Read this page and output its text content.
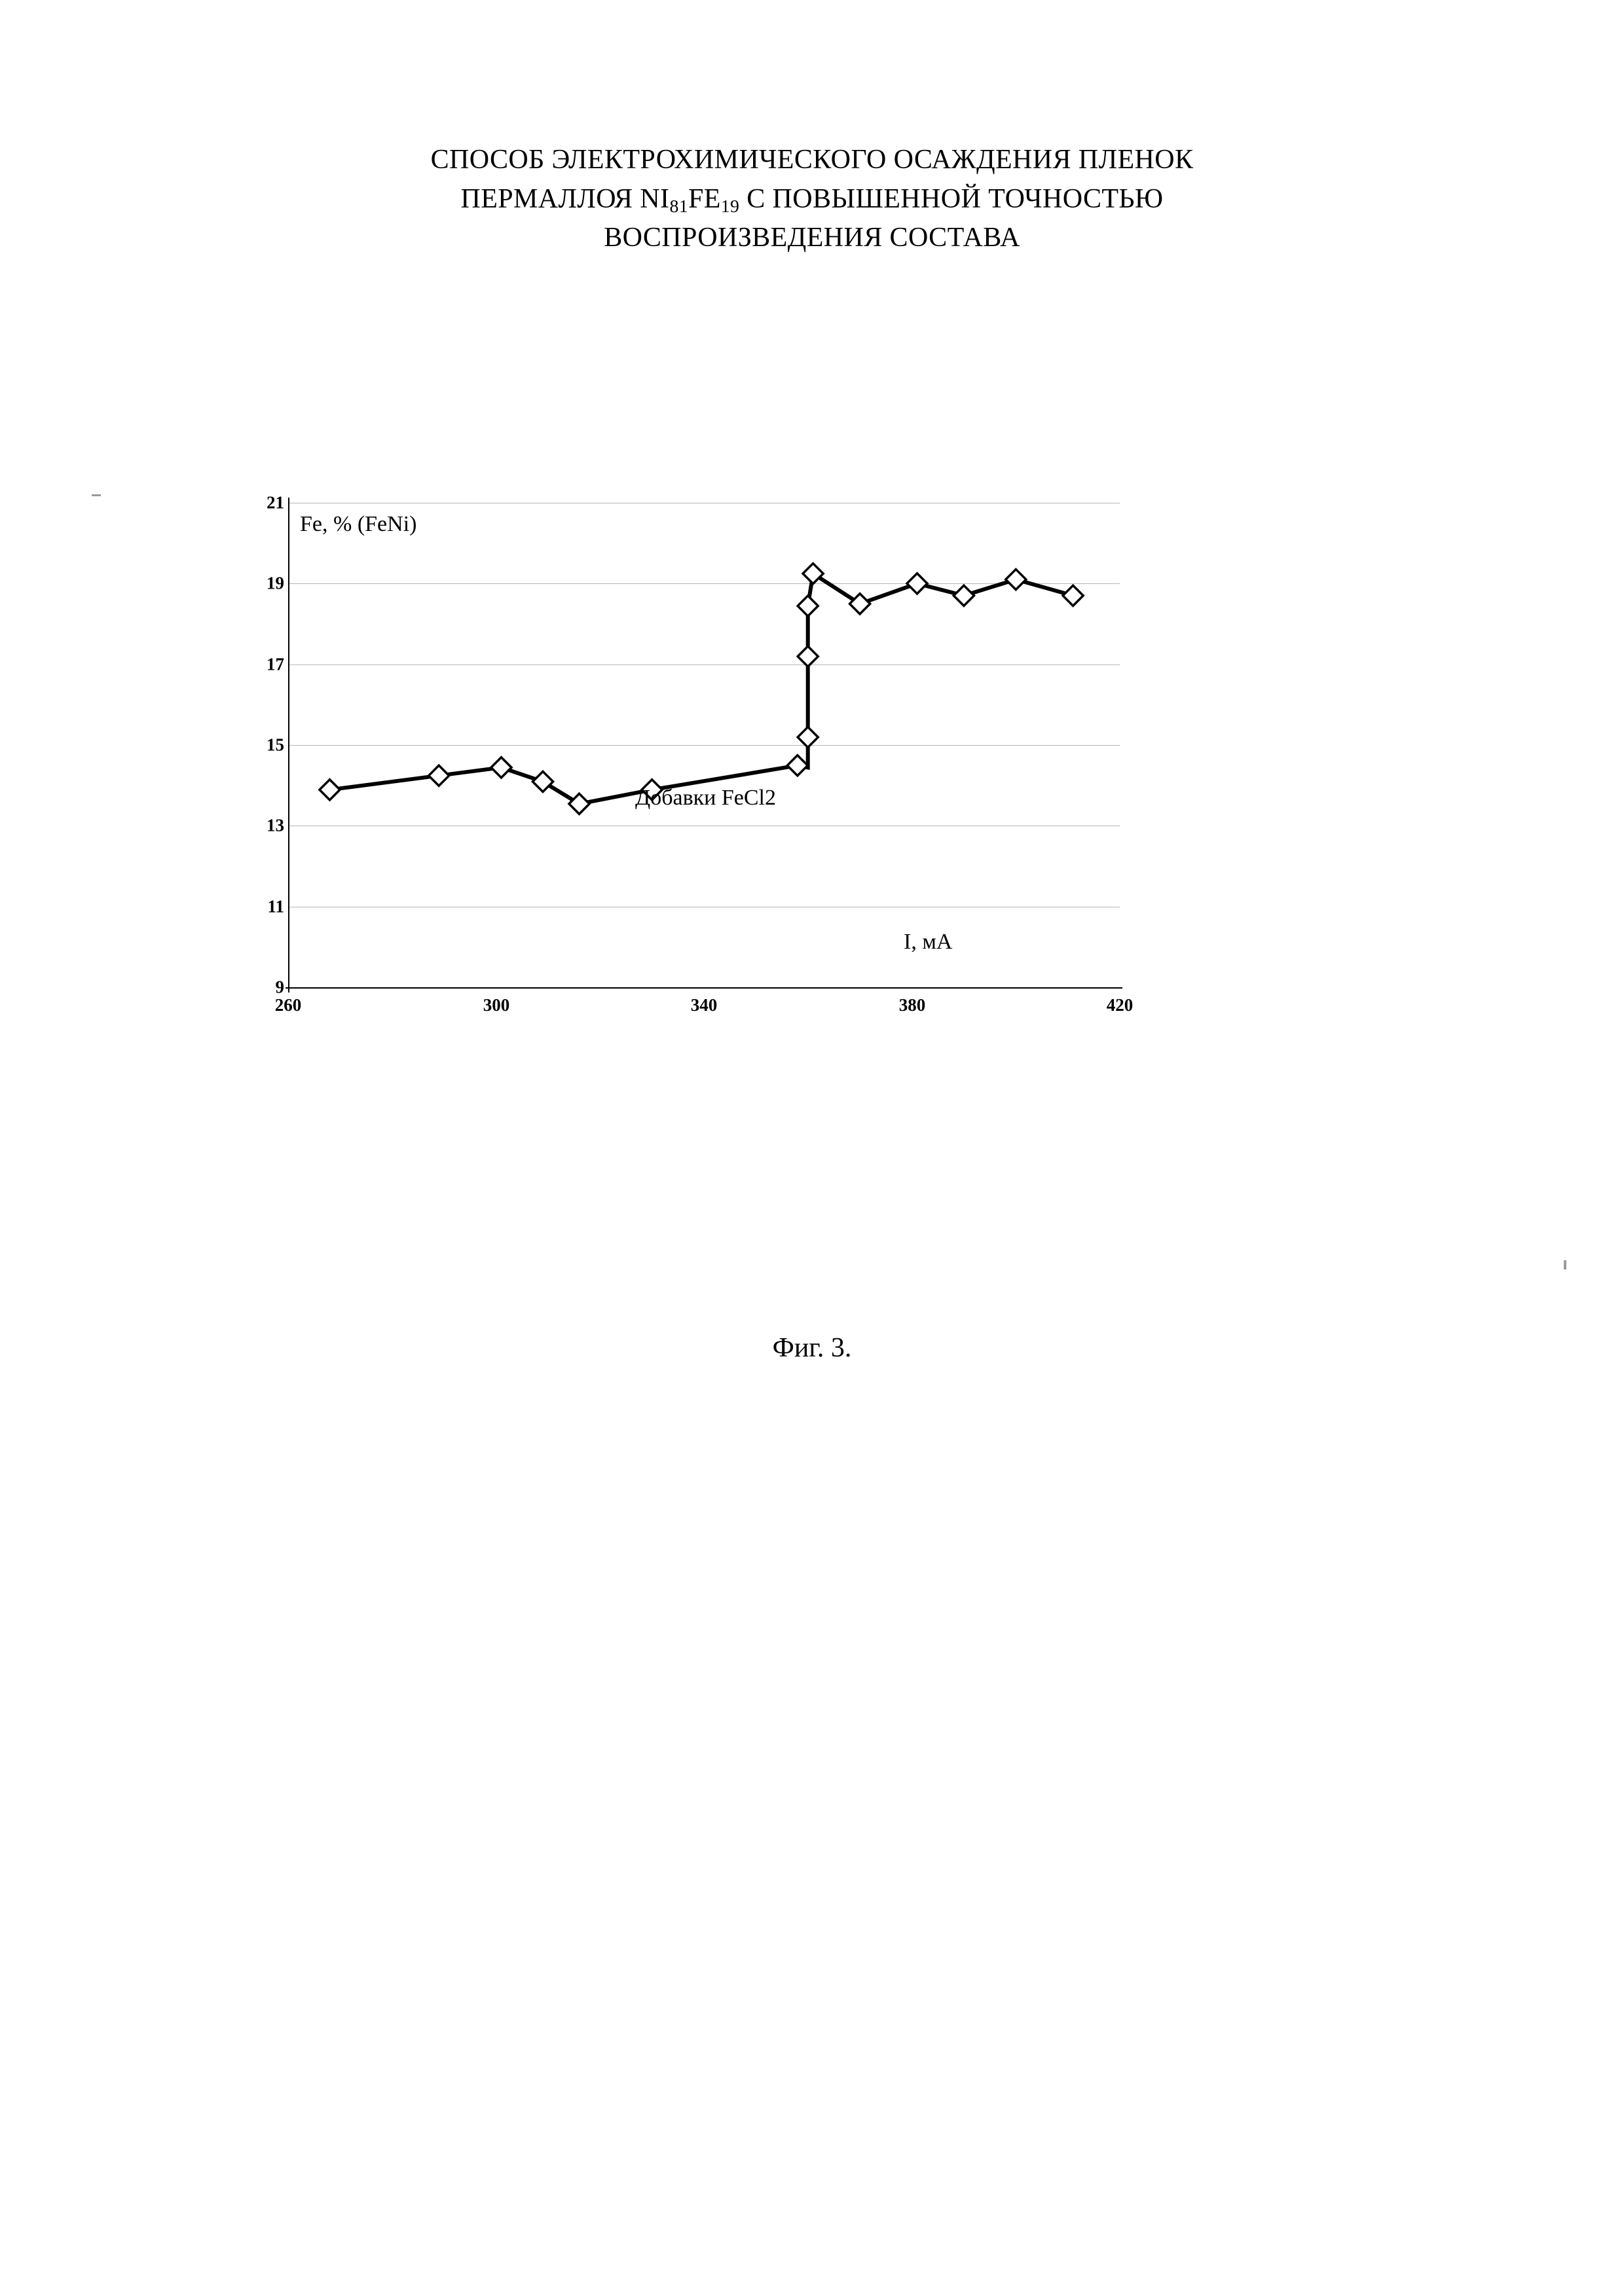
СПОСОБ ЭЛЕКТРОХИМИЧЕСКОГО ОСАЖДЕНИЯ ПЛЕНОК
ПЕРМАЛЛОЯ $NI_{81}FE_{19}$ С ПОВЫШЕННОЙ ТОЧНОСТЬЮ
ВОСПРОИЗВЕДЕНИЯ СОСТАВА
21
19
17
15
13
11
9
260	300	340	380	420
Fe, % (FeNi)
I, мА
Добавки FeCl2
Фиг. 3.
